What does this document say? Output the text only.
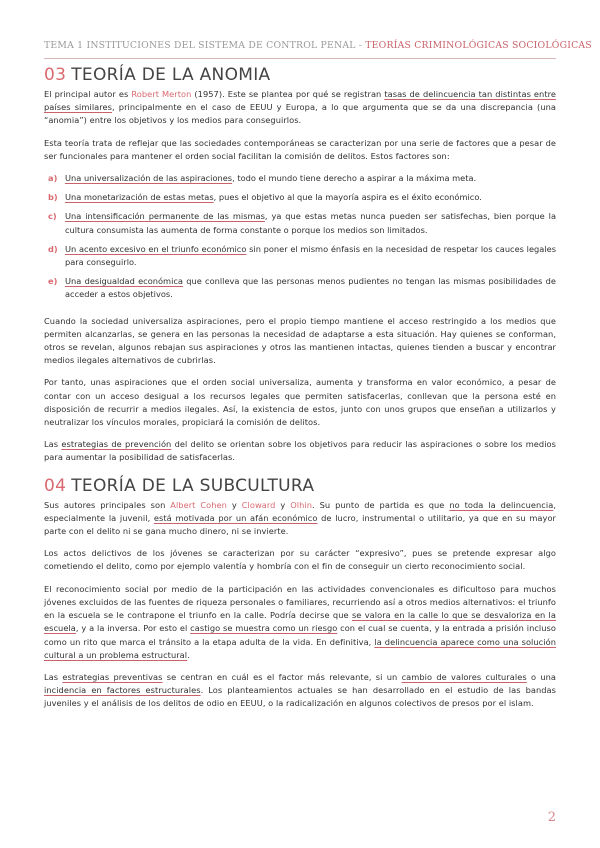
TEMA 1 INSTITUCIONES DEL SISTEMA DE CONTROL PENAL - TEORÍAS CRIMINOLÓGICAS SOCIOLÓGICAS
03 TEORÍA DE LA ANOMIA

El principal autor es Robert Merton (1957). Este se plantea por qué se registran tasas de delincuencia tan distintas entre países similares, principalmente en el caso de EEUU y Europa, a lo que argumenta que se da una discrepancia (una “anomia”) entre los objetivos y los medios para conseguirlos.

Esta teoría trata de reflejar que las sociedades contemporáneas se caracterizan por una serie de factores que a pesar de ser funcionales para mantener el orden social facilitan la comisión de delitos. Estos factores son:

a) Una universalización de las aspiraciones, todo el mundo tiene derecho a aspirar a la máxima meta.
b) Una monetarización de estas metas, pues el objetivo al que la mayoría aspira es el éxito económico.
c) Una intensificación permanente de las mismas, ya que estas metas nunca pueden ser satisfechas, bien porque la cultura consumista las aumenta de forma constante o porque los medios son limitados.
d) Un acento excesivo en el triunfo económico sin poner el mismo énfasis en la necesidad de respetar los cauces legales para conseguirlo.
e) Una desigualdad económica que conlleva que las personas menos pudientes no tengan las mismas posibilidades de acceder a estos objetivos.

Cuando la sociedad universaliza aspiraciones, pero el propio tiempo mantiene el acceso restringido a los medios que permiten alcanzarlas, se genera en las personas la necesidad de adaptarse a esta situación. Hay quienes se conforman, otros se revelan, algunos rebajan sus aspiraciones y otros las mantienen intactas, quienes tienden a buscar y encontrar medios ilegales alternativos de cubrirlas.

Por tanto, unas aspiraciones que el orden social universaliza, aumenta y transforma en valor económico, a pesar de contar con un acceso desigual a los recursos legales que permiten satisfacerlas, conllevan que la persona esté en disposición de recurrir a medios ilegales. Así, la existencia de estos, junto con unos grupos que enseñan a utilizarlos y neutralizar los vínculos morales, propiciará la comisión de delitos.

Las estrategias de prevención del delito se orientan sobre los objetivos para reducir las aspiraciones o sobre los medios para aumentar la posibilidad de satisfacerlas.

04 TEORÍA DE LA SUBCULTURA

Sus autores principales son Albert Cohen y Cloward y Olhin. Su punto de partida es que no toda la delincuencia, especialmente la juvenil, está motivada por un afán económico de lucro, instrumental o utilitario, ya que en su mayor parte con el delito ni se gana mucho dinero, ni se invierte.

Los actos delictivos de los jóvenes se caracterizan por su carácter “expresivo”, pues se pretende expresar algo cometiendo el delito, como por ejemplo valentía y hombría con el fin de conseguir un cierto reconocimiento social.

El reconocimiento social por medio de la participación en las actividades convencionales es dificultoso para muchos jóvenes excluidos de las fuentes de riqueza personales o familiares, recurriendo así a otros medios alternativos: el triunfo en la escuela se le contrapone el triunfo en la calle. Podría decirse que se valora en la calle lo que se desvaloriza en la escuela, y a la inversa. Por esto el castigo se muestra como un riesgo con el cual se cuenta, y la entrada a prisión incluso como un rito que marca el tránsito a la etapa adulta de la vida. En definitiva, la delincuencia aparece como una solución cultural a un problema estructural.

Las estrategias preventivas se centran en cuál es el factor más relevante, si un cambio de valores culturales o una incidencia en factores estructurales. Los planteamientos actuales se han desarrollado en el estudio de las bandas juveniles y el análisis de los delitos de odio en EEUU, o la radicalización en algunos colectivos de presos por el islam.

2
